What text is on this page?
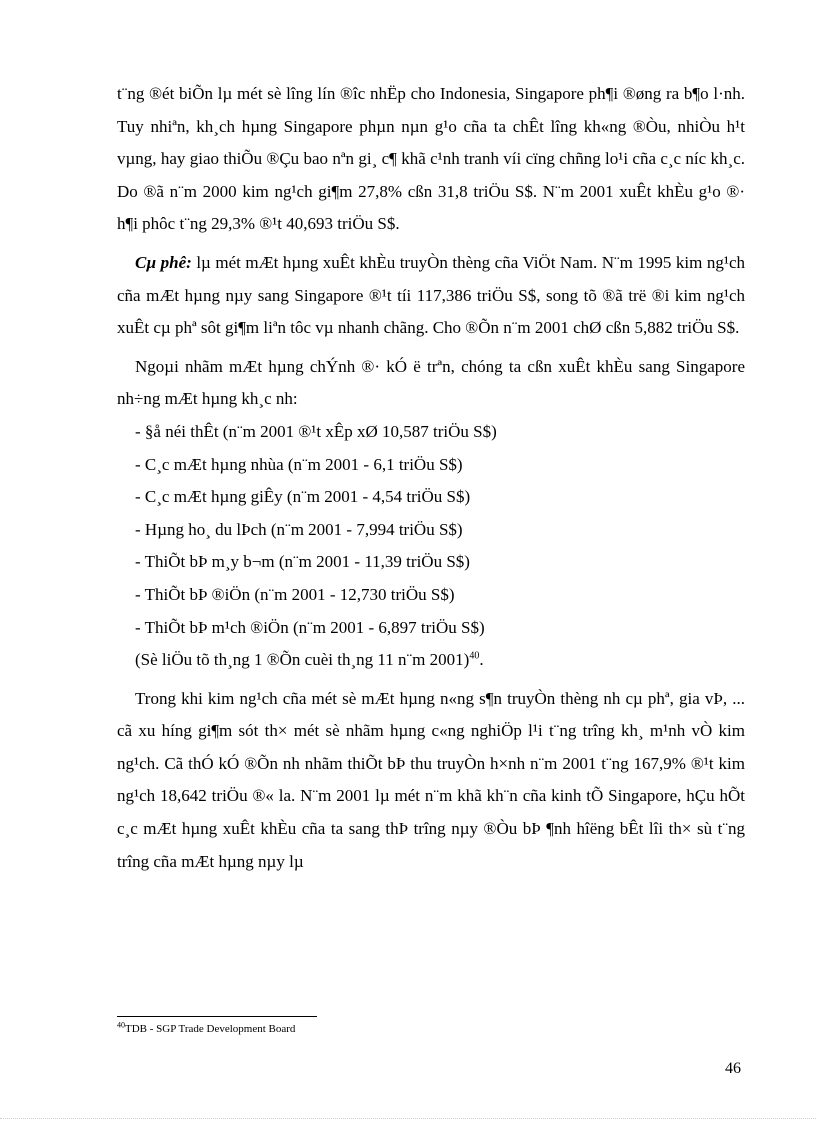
t¨ng ®ét biÕn lµ mét sè lîng lín ®îc nhËp cho Indonesia, Singapore ph¶i ®øng ra b¶o l·nh. Tuy nhiªn, kh¸ch hµng Singapore phµn nµn g¹o cña ta chÊt lîng kh«ng ®Òu, nhiÒu h¹t vµng, hay giao thiÕu ®Çu bao nªn gi¸ c¶ khã c¹nh tranh víi cïng chñng lo¹i cña c¸c níc kh¸c. Do ®ã n¨m 2000 kim ng¹ch gi¶m 27,8% cßn 31,8 triÖu S$. N¨m 2001 xuÊt khÈu g¹o ®· h¶i phôc t¨ng 29,3% ®¹t 40,693 triÖu S$.

Cµ phê: lµ mét mÆt hµng xuÊt khÈu truyÒn thèng cña ViÖt Nam. N¨m 1995 kim ng¹ch cña mÆt hµng nµy sang Singapore ®¹t tíi 117,386 triÖu S$, song tõ ®ã trë ®i kim ng¹ch xuÊt cµ phª sôt gi¶m liªn tôc vµ nhanh chãng. Cho ®Õn n¨m 2001 chØ cßn 5,882 triÖu S$.

Ngoµi nhãm mÆt hµng chÝnh ®· kÓ ë trªn, chóng ta cßn xuÊt khÈu sang Singapore nh÷ng mÆt hµng kh¸c nh:

- §å néi thÊt (n¨m 2001 ®¹t xÊp xØ 10,587 triÖu S$)

- C¸c mÆt hµng nhùa (n¨m 2001 - 6,1 triÖu S$)

- C¸c mÆt hµng giÊy (n¨m 2001 - 4,54 triÖu S$)

- Hµng ho¸ du lÞch (n¨m 2001 - 7,994 triÖu S$)

- ThiÕt bÞ m¸y b¬m (n¨m 2001 - 11,39 triÖu S$)

- ThiÕt bÞ ®iÖn (n¨m 2001 - 12,730 triÖu S$)

- ThiÕt bÞ m¹ch ®iÖn (n¨m 2001 - 6,897 triÖu S$)

(Sè liÖu tõ th¸ng 1 ®Õn cuèi th¸ng 11 n¨m 2001)$^{40}$.

Trong khi kim ng¹ch cña mét sè mÆt hµng n«ng s¶n truyÒn thèng nh cµ phª, gia vÞ, ... cã xu híng gi¶m sót th× mét sè nhãm hµng c«ng nghiÖp l¹i t¨ng trîng kh¸ m¹nh vÒ kim ng¹ch. Cã thÓ kÓ ®Õn nh nhãm thiÕt bÞ thu truyÒn h×nh n¨m 2001 t¨ng 167,9% ®¹t kim ng¹ch 18,642 triÖu ®« la. N¨m 2001 lµ mét n¨m khã kh¨n cña kinh tÕ Singapore, hÇu hÕt c¸c mÆt hµng xuÊt khÈu cña ta sang thÞ trîng nµy ®Òu bÞ ¶nh hîëng bÊt lîi th× sù t¨ng trîng cña mÆt hµng nµy lµ

$^{40}$TDB - SGP Trade Development Board
46
